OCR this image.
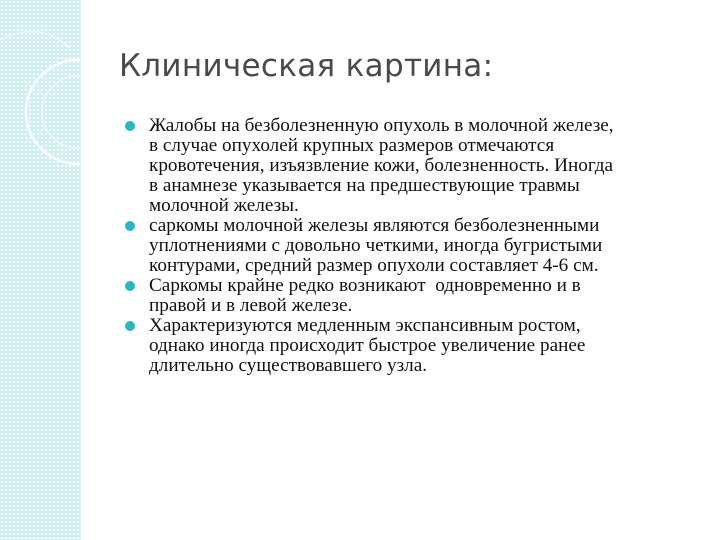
Клиническая картина:
Жалобы на безболезненную опухоль в молочной железе,
в случае опухолей крупных размеров отмечаются
кровотечения, изъязвление кожи, болезненность. Иногда
в анамнезе указывается на предшествующие травмы
молочной железы.
саркомы молочной железы являются безболезненными
уплотнениями с довольно четкими, иногда бугристыми
контурами, средний размер опухоли составляет 4-6 см.
Саркомы крайне редко возникают  одновременно и в
правой и в левой железе.
Характеризуются медленным экспансивным ростом,
однако иногда происходит быстрое увеличение ранее
длительно существовавшего узла.
